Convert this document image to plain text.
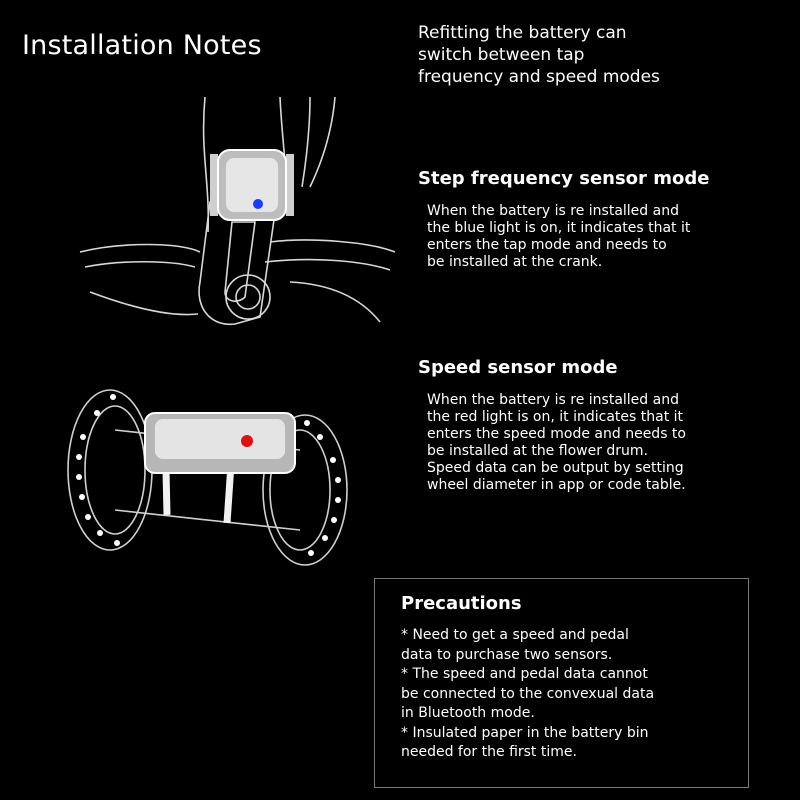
Installation Notes	Refitting the battery can
switch between tap
frequency and speed modes
Step frequency sensor mode
When the battery is re installed and
the blue light is on, it indicates that it
enters the tap mode and needs to
be installed at the crank.
Speed sensor mode
When the battery is re installed and
the red light is on, it indicates that it
enters the speed mode and needs to
be installed at the flower drum.
Speed data can be output by setting
wheel diameter in app or code table.
Precautions
* Need to get a speed and pedal
data to purchase two sensors.
* The speed and pedal data cannot
be connected to the convexual data
in Bluetooth mode.
* Insulated paper in the battery bin
needed for the first time.
